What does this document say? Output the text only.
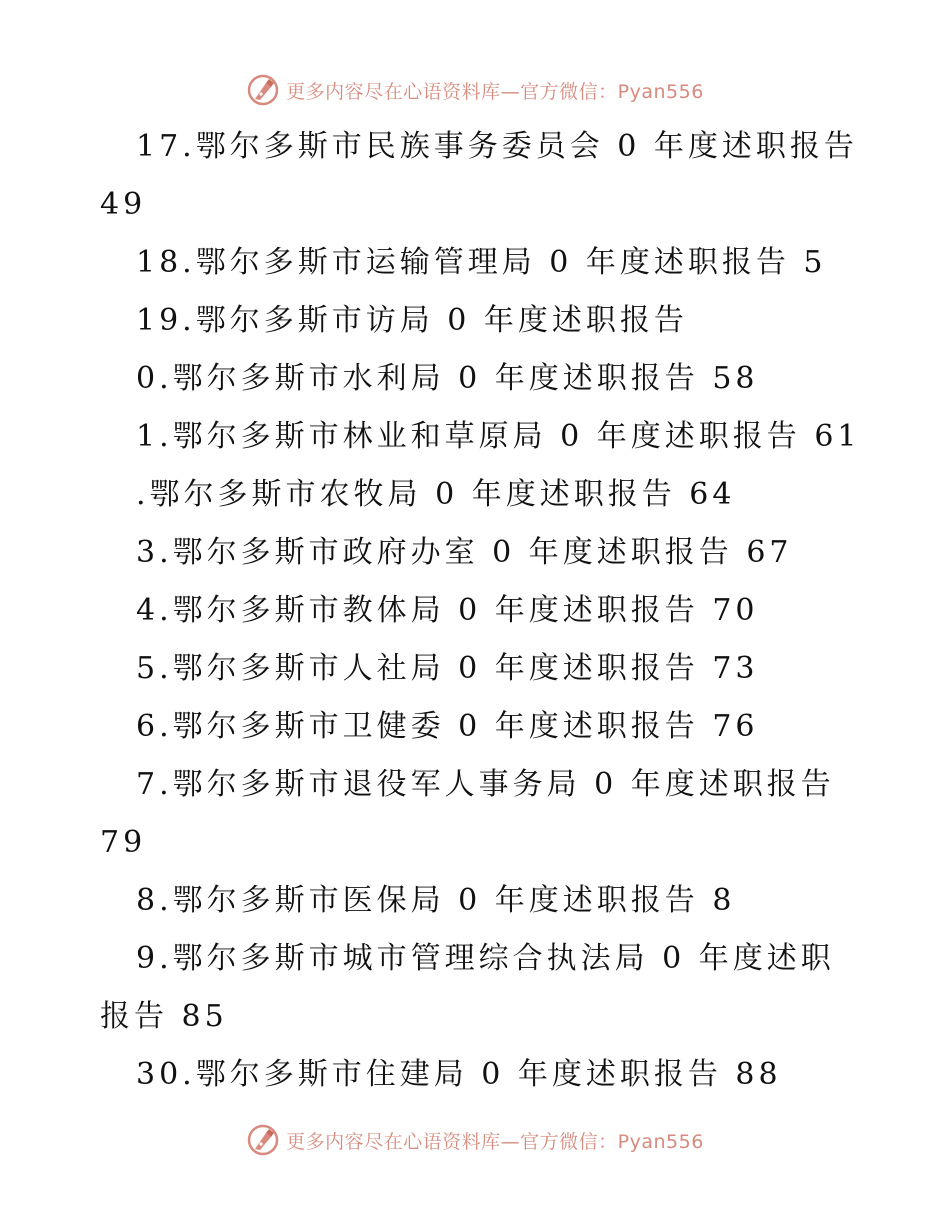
更多内容尽在心语资料库—官方微信：Pyan556
17.鄂尔多斯市民族事务委员会 0 年度述职报告
49
18.鄂尔多斯市运输管理局 0 年度述职报告 5
19.鄂尔多斯市访局 0 年度述职报告
0.鄂尔多斯市水利局 0 年度述职报告 58
1.鄂尔多斯市林业和草原局 0 年度述职报告 61
.鄂尔多斯市农牧局 0 年度述职报告 64
3.鄂尔多斯市政府办室 0 年度述职报告 67
4.鄂尔多斯市教体局 0 年度述职报告 70
5.鄂尔多斯市人社局 0 年度述职报告 73
6.鄂尔多斯市卫健委 0 年度述职报告 76
7.鄂尔多斯市退役军人事务局 0 年度述职报告
79
8.鄂尔多斯市医保局 0 年度述职报告 8
9.鄂尔多斯市城市管理综合执法局 0 年度述职
报告 85
30.鄂尔多斯市住建局 0 年度述职报告 88
更多内容尽在心语资料库—官方微信：Pyan556
